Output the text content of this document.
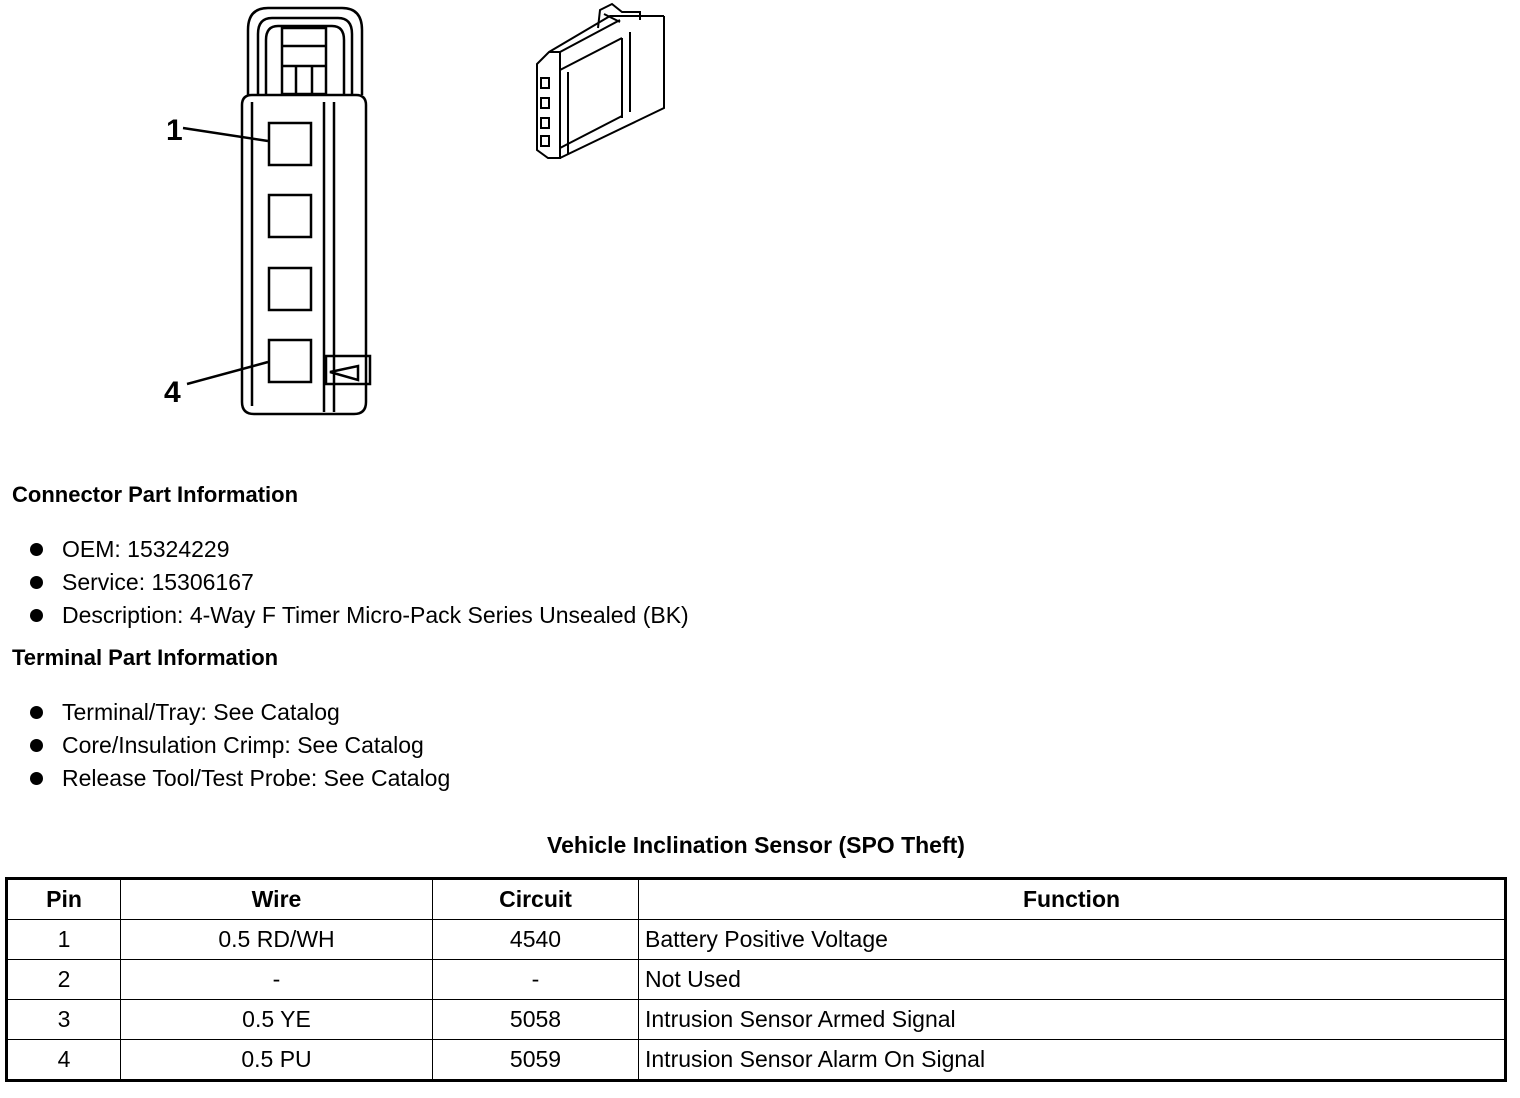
1
4
Connector Part Information
OEM: 15324229
Service: 15306167
Description: 4-Way F Timer Micro-Pack Series Unsealed (BK)
Terminal Part Information
Terminal/Tray: See Catalog
Core/Insulation Crimp: See Catalog
Release Tool/Test Probe: See Catalog
Vehicle Inclination Sensor (SPO Theft)
Pin	Wire	Circuit	Function
1	0.5 RD/WH	4540	Battery Positive Voltage
2	-	-	Not Used
3	0.5 YE	5058	Intrusion Sensor Armed Signal
4	0.5 PU	5059	Intrusion Sensor Alarm On Signal
